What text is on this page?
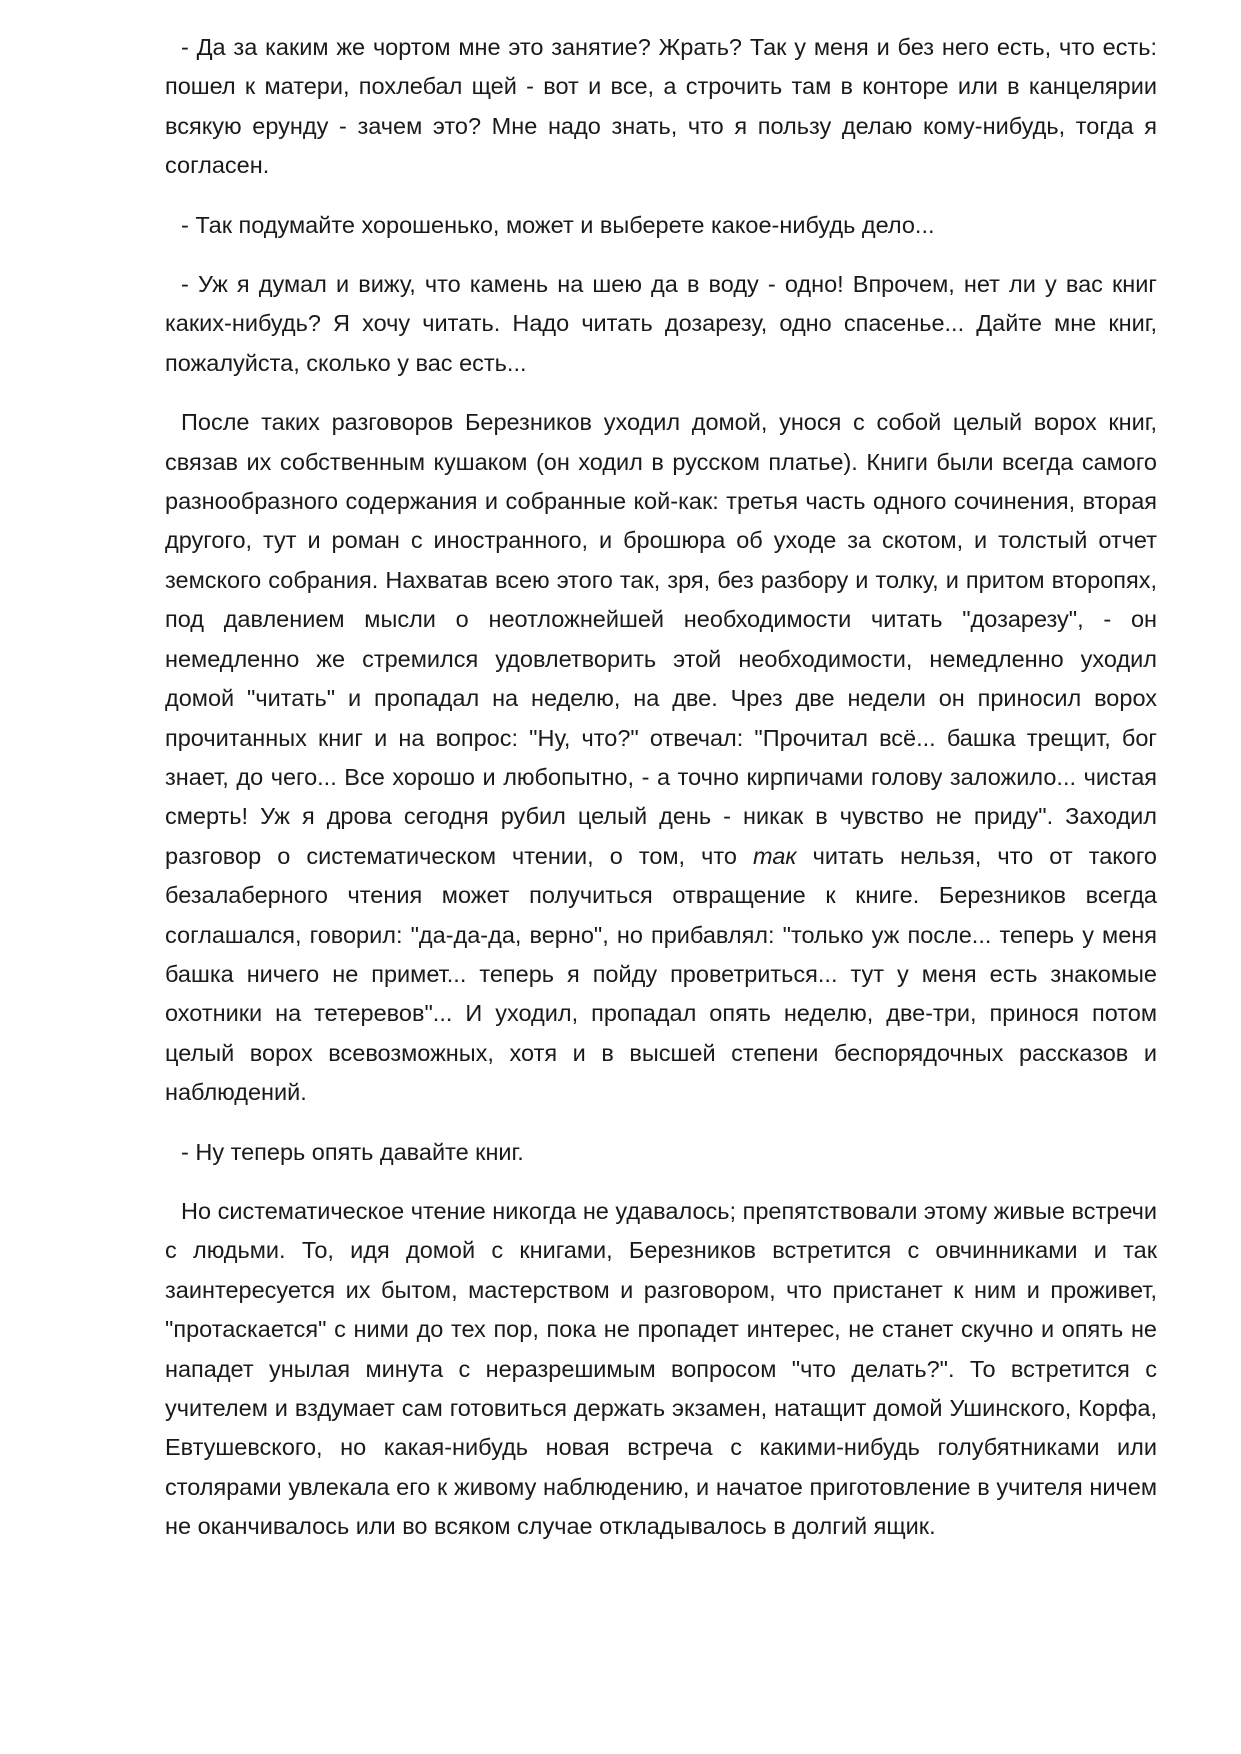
- Да за каким же чортом мне это занятие? Жрать? Так у меня и без него есть, что есть: пошел к матери, похлебал щей - вот и все, а строчить там в конторе или в канцелярии всякую ерунду - зачем это? Мне надо знать, что я пользу делаю кому-нибудь, тогда я согласен.

- Так подумайте хорошенько, может и выберете какое-нибудь дело...

- Уж я думал и вижу, что камень на шею да в воду - одно! Впрочем, нет ли у вас книг каких-нибудь? Я хочу читать. Надо читать дозарезу, одно спасенье... Дайте мне книг, пожалуйста, сколько у вас есть...

После таких разговоров Березников уходил домой, унося с собой целый ворох книг, связав их собственным кушаком (он ходил в русском платье). Книги были всегда самого разнообразного содержания и собранные кой-как: третья часть одного сочинения, вторая другого, тут и роман с иностранного, и брошюра об уходе за скотом, и толстый отчет земского собрания. Нахватав всею этого так, зря, без разбору и толку, и притом второпях, под давлением мысли о неотложнейшей необходимости читать "дозарезу", - он немедленно же стремился удовлетворить этой необходимости, немедленно уходил домой "читать" и пропадал на неделю, на две. Чрез две недели он приносил ворох прочитанных книг и на вопрос: "Ну, что?" отвечал: "Прочитал всё... башка трещит, бог знает, до чего... Все хорошо и любопытно, - а точно кирпичами голову заложило... чистая смерть! Уж я дрова сегодня рубил целый день - никак в чувство не приду". Заходил разговор о систематическом чтении, о том, что так читать нельзя, что от такого безалаберного чтения может получиться отвращение к книге. Березников всегда соглашался, говорил: "да-да-да, верно", но прибавлял: "только уж после... теперь у меня башка ничего не примет... теперь я пойду проветриться... тут у меня есть знакомые охотники на тетеревов"... И уходил, пропадал опять неделю, две-три, принося потом целый ворох всевозможных, хотя и в высшей степени беспорядочных рассказов и наблюдений.

- Ну теперь опять давайте книг.

Но систематическое чтение никогда не удавалось; препятствовали этому живые встречи с людьми. То, идя домой с книгами, Березников встретится с овчинниками и так заинтересуется их бытом, мастерством и разговором, что пристанет к ним и проживет, "протаскается" с ними до тех пор, пока не пропадет интерес, не станет скучно и опять не нападет унылая минута с неразрешимым вопросом "что делать?". То встретится с учителем и вздумает сам готовиться держать экзамен, натащит домой Ушинского, Корфа, Евтушевского, но какая-нибудь новая встреча с какими-нибудь голубятниками или столярами увлекала его к живому наблюдению, и начатое приготовление в учителя ничем не оканчивалось или во всяком случае откладывалось в долгий ящик.
